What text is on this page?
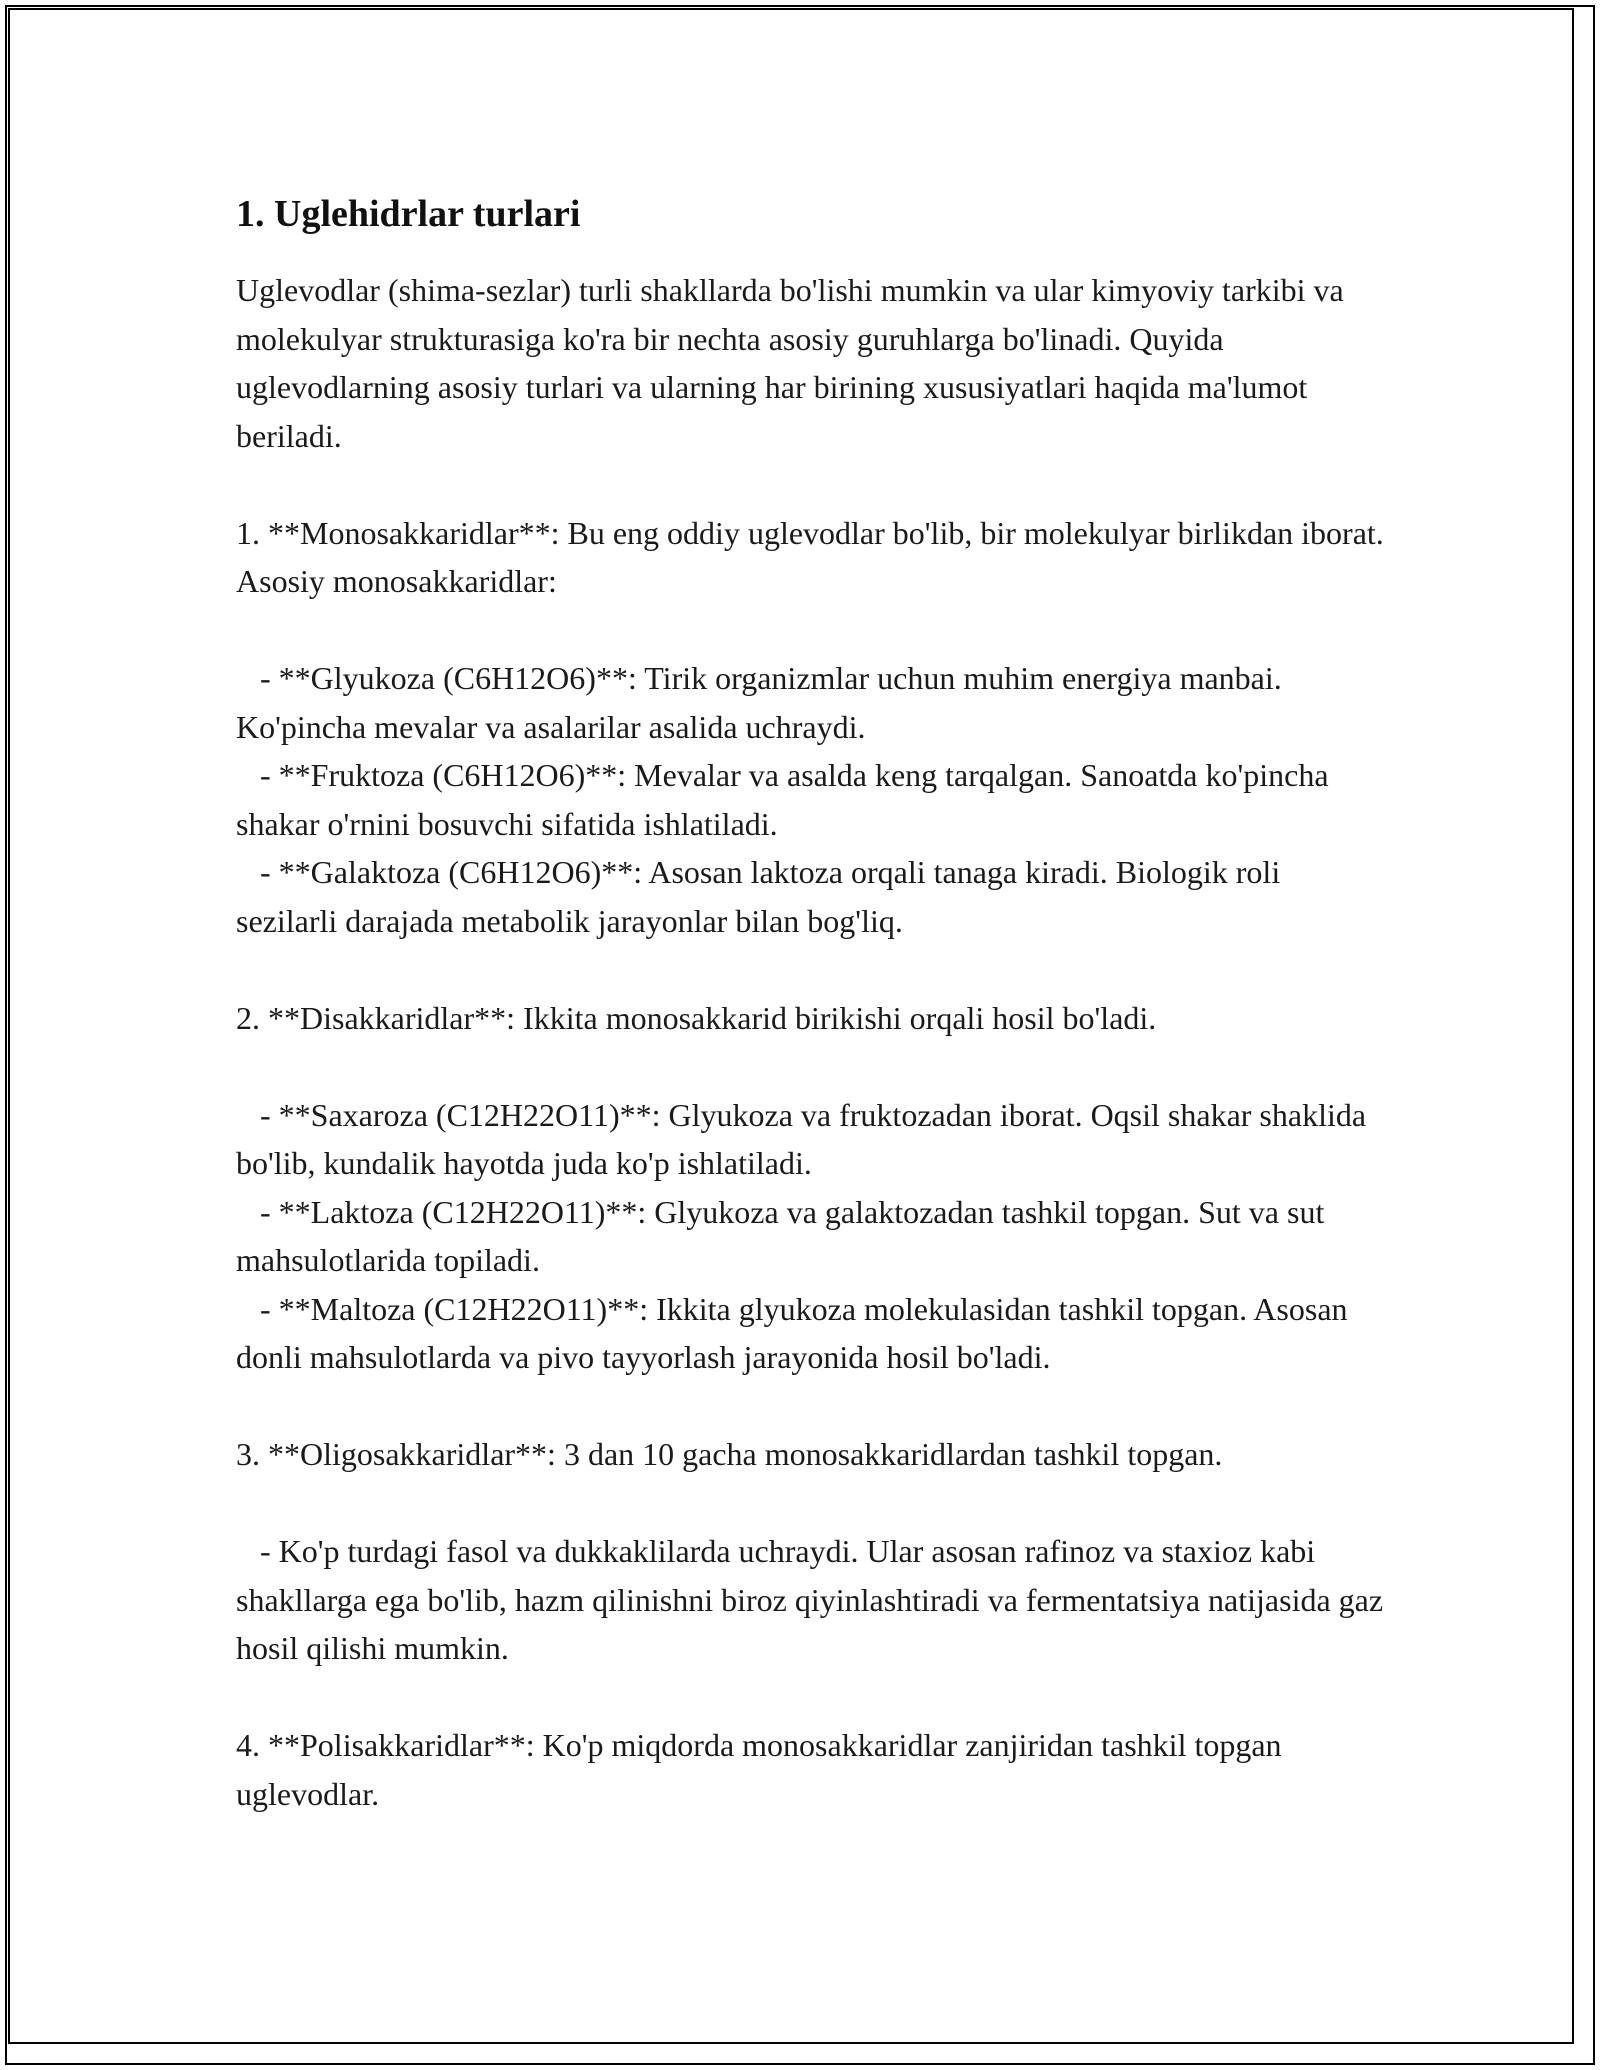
1. Uglehidrlar turlari

Uglevodlar (shima-sezlar) turli shakllarda bo'lishi mumkin va ular kimyoviy tarkibi va molekulyar strukturasiga ko'ra bir nechta asosiy guruhlarga bo'linadi. Quyida uglevodlarning asosiy turlari va ularning har birining xususiyatlari haqida ma'lumot beriladi.

1. **Monosakkaridlar**: Bu eng oddiy uglevodlar bo'lib, bir molekulyar birlikdan iborat. Asosiy monosakkaridlar:

- **Glyukoza (C6H12O6)**: Tirik organizmlar uchun muhim energiya manbai. Ko'pincha mevalar va asalarilar asalida uchraydi.
- **Fruktoza (C6H12O6)**: Mevalar va asalda keng tarqalgan. Sanoatda ko'pincha shakar o'rnini bosuvchi sifatida ishlatiladi.
- **Galaktoza (C6H12O6)**: Asosan laktoza orqali tanaga kiradi. Biologik roli sezilarli darajada metabolik jarayonlar bilan bog'liq.

2. **Disakkaridlar**: Ikkita monosakkarid birikishi orqali hosil bo'ladi.

- **Saxaroza (C12H22O11)**: Glyukoza va fruktozadan iborat. Oqsil shakar shaklida bo'lib, kundalik hayotda juda ko'p ishlatiladi.
- **Laktoza (C12H22O11)**: Glyukoza va galaktozadan tashkil topgan. Sut va sut mahsulotlarida topiladi.
- **Maltoza (C12H22O11)**: Ikkita glyukoza molekulasidan tashkil topgan. Asosan donli mahsulotlarda va pivo tayyorlash jarayonida hosil bo'ladi.

3. **Oligosakkaridlar**: 3 dan 10 gacha monosakkaridlardan tashkil topgan.

- Ko'p turdagi fasol va dukkaklilarda uchraydi. Ular asosan rafinoz va staxioz kabi shakllarga ega bo'lib, hazm qilinishni biroz qiyinlashtiradi va fermentatsiya natijasida gaz hosil qilishi mumkin.

4. **Polisakkaridlar**: Ko'p miqdorda monosakkaridlar zanjiridan tashkil topgan uglevodlar.
